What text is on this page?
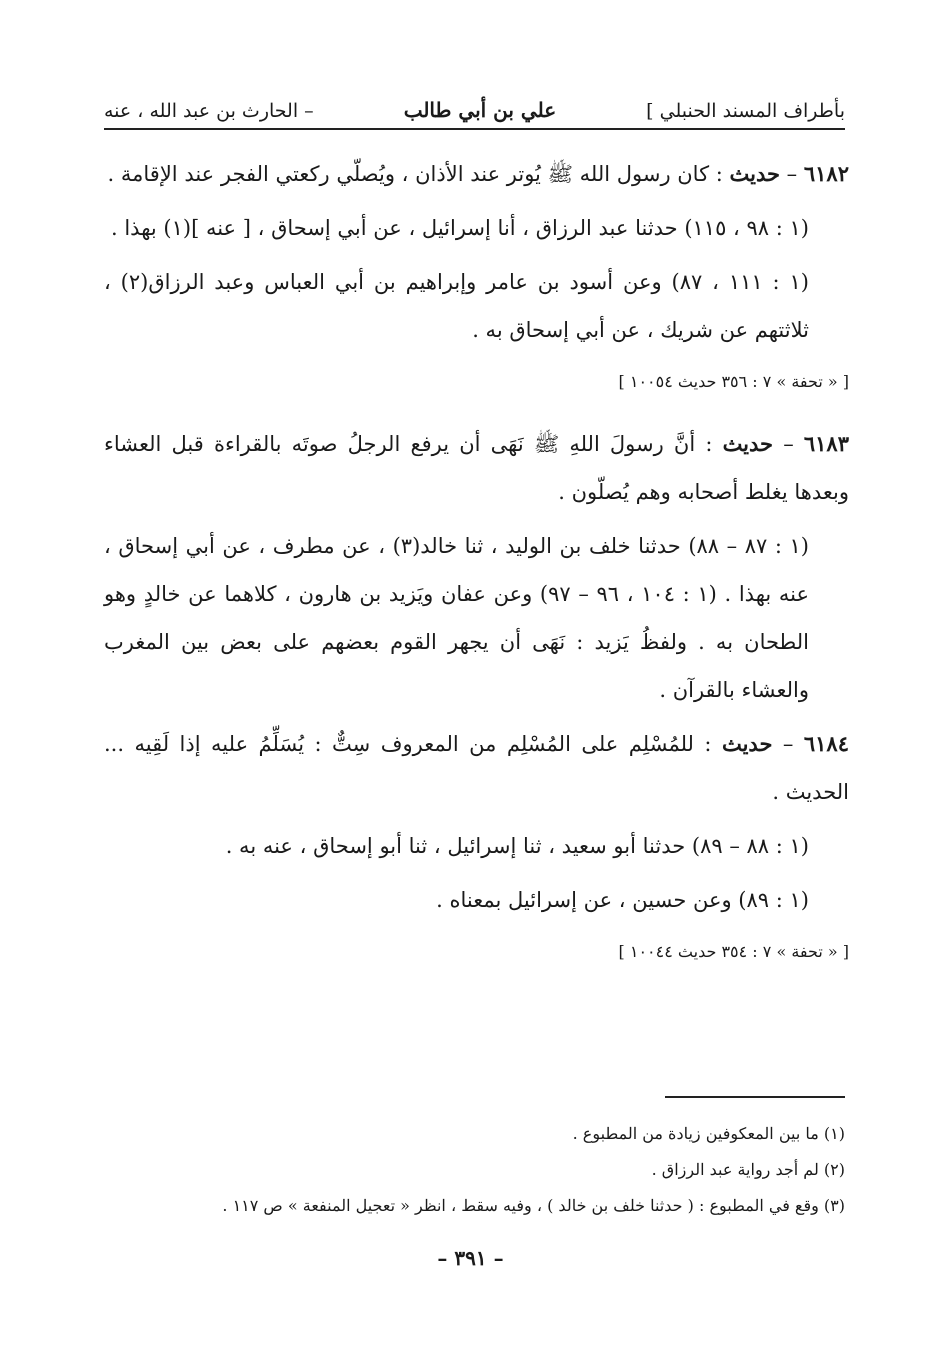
بأطراف المسند الحنبلي ]
علي بن أبي طالب
– الحارث بن عبد الله ، عنه

٦١٨٢ – حديث : كان رسول الله ﷺ يُوتر عند الأذان ، ويُصلّي ركعتي الفجر عند الإقامة .

(١ : ٩٨ ، ١١٥) حدثنا عبد الرزاق ، أنا إسرائيل ، عن أبي إسحاق ، [ عنه ](١) بهذا .

(١ : ١١١ ، ٨٧) وعن أسود بن عامر وإبراهيم بن أبي العباس وعبد الرزاق(٢) ، ثلاثتهم عن شريك ، عن أبي إسحاق به .

[ « تحفة » ٧ : ٣٥٦ حديث ١٠٠٥٤ ]

٦١٨٣ – حديث : أنَّ رسولَ اللهِ ﷺ نَهَى أن يرفع الرجلُ صوتَه بالقراءة قبل العشاء وبعدها يغلط أصحابه وهم يُصلّون .

(١ : ٨٧ – ٨٨) حدثنا خلف بن الوليد ، ثنا خالد(٣) ، عن مطرف ، عن أبي إسحاق ، عنه بهذا . (١ : ١٠٤ ، ٩٦ – ٩٧) وعن عفان ويَزيد بن هارون ، كلاهما عن خالدٍ وهو الطحان به . ولفظُ يَزيد : نَهَى أن يجهر القوم بعضهم على بعض بين المغرب والعشاء بالقرآن .

٦١٨٤ – حديث : للمُسْلِم على المُسْلِم من المعروف سِتٌّ : يُسَلِّمُ عليه إذا لَقِيه ... الحديث .

(١ : ٨٨ – ٨٩) حدثنا أبو سعيد ، ثنا إسرائيل ، ثنا أبو إسحاق ، عنه به .

(١ : ٨٩) وعن حسين ، عن إسرائيل بمعناه .

[ « تحفة » ٧ : ٣٥٤ حديث ١٠٠٤٤ ]

(١) ما بين المعكوفين زيادة من المطبوع .

(٢) لم أجد رواية عبد الرزاق .

(٣) وقع في المطبوع : ( حدثنا خلف بن خالد ) ، وفيه سقط ، انظر « تعجيل المنفعة » ص ١١٧ .

– ٣٩١ –
